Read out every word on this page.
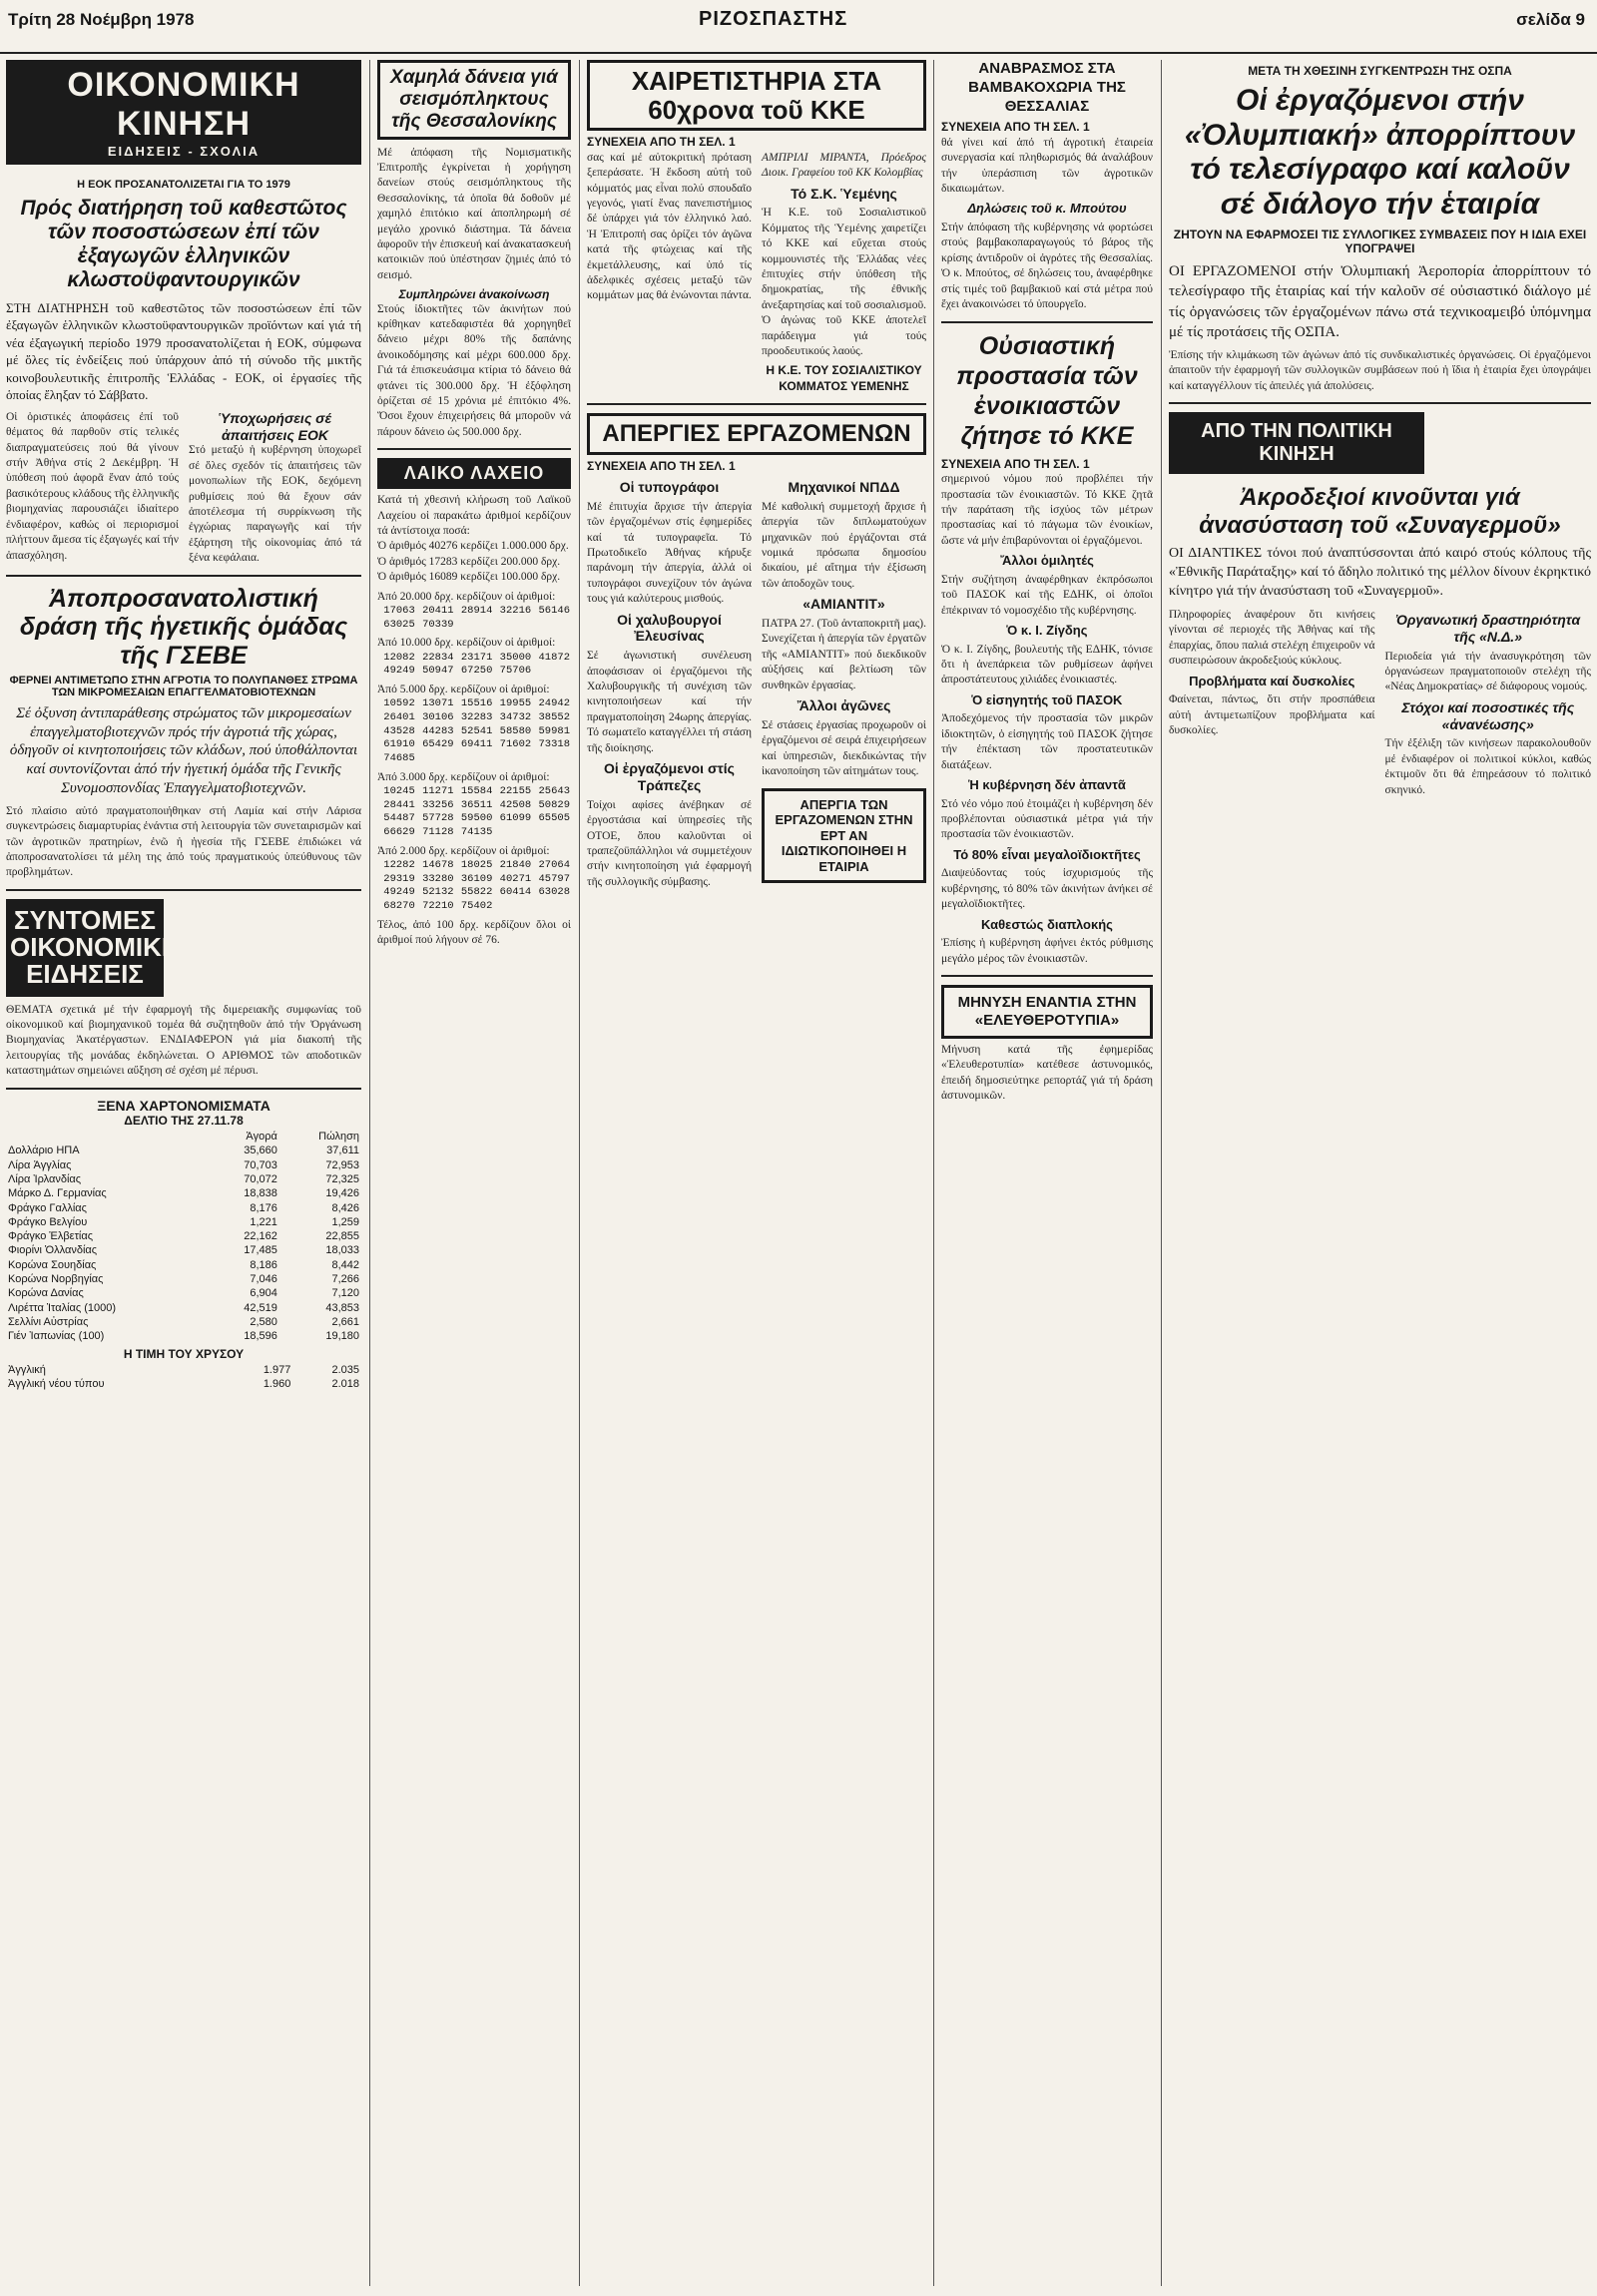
Τρίτη 28 Νοέμβρη 1978	ΡΙΖΟΣΠΑΣΤΗΣ	σελίδα 9
ΟΙΚΟΝΟΜΙΚΗ ΚΙΝΗΣΗ
ΕΙΔΗΣΕΙΣ - ΣΧΟΛΙΑ
Η ΕΟΚ ΠΡΟΣΑΝΑΤΟΛΙΖΕΤΑΙ ΓΙΑ ΤΟ 1979
Πρός διατήρηση τοῦ καθεστῶτος τῶν ποσοστώσεων ἐπί τῶν ἐξαγωγῶν ἑλληνικῶν κλωστοϋφαντουργικῶν
ΣΤΗ ΔΙΑΤΗΡΗΣΗ τοῦ καθεστῶτος τῶν ποσοστώσεων ἐπί τῶν ἐξαγωγῶν ἑλληνικῶν κλωστοϋφαντουργικῶν προϊόντων καί γιά τή νέα ἐξαγωγική περίοδο 1979 προσανατολίζεται ἡ ΕΟΚ, σύμφωνα μέ ὅλες τίς ἐνδείξεις πού ὑπάρχουν ἀπό τή σύνοδο τῆς μικτῆς κοινοβουλευτικῆς ἐπιτροπῆς Ἑλλάδας - ΕΟΚ, οἱ ἐργασίες τῆς ὁποίας ἔληξαν τό Σάββατο.
Οἱ ὁριστικές ἀποφάσεις ἐπί τοῦ θέματος θά παρθοῦν στίς τελικές διαπραγματεύσεις πού θά γίνουν στήν Ἀθήνα στίς 2 Δεκέμβρη. Ἡ ὑπόθεση πού ἀφορᾶ ἕναν ἀπό τούς βασικότερους κλάδους τῆς ἑλληνικῆς βιομηχανίας παρουσιάζει ἰδιαίτερο ἐνδιαφέρον, καθώς οἱ περιορισμοί πλήττουν ἄμεσα τίς ἐξαγωγές καί τήν ἀπασχόληση.
Ὑποχωρήσεις σέ ἀπαιτήσεις ΕΟΚ
Στό μεταξύ ἡ κυβέρνηση ὑποχωρεῖ σέ ὅλες σχεδόν τίς ἀπαιτήσεις τῶν μονοπωλίων τῆς ΕΟΚ, δεχόμενη ρυθμίσεις πού θά ἔχουν σάν ἀποτέλεσμα τή συρρίκνωση τῆς ἐγχώριας παραγωγῆς καί τήν ἐξάρτηση τῆς οἰκονομίας ἀπό τά ξένα κεφάλαια.
Ἀποπροσανατολιστική δράση τῆς ἡγετικῆς ὁμάδας τῆς ΓΣΕΒΕ
ΦΕΡΝΕΙ ΑΝΤΙΜΕΤΩΠΟ ΣΤΗΝ ΑΓΡΟΤΙΑ ΤΟ ΠΟΛΥΠΑΝΘΕΣ ΣΤΡΩΜΑ ΤΩΝ ΜΙΚΡΟΜΕΣΑΙΩΝ ΕΠΑΓΓΕΛΜΑΤΟΒΙΟΤΕΧΝΩΝ
Σέ ὀξυνση ἀντιπαράθεσης στρώματος τῶν μικρομεσαίων ἐπαγγελματοβιοτεχνῶν πρός τήν ἀγροτιά τῆς χώρας, ὁδηγοῦν οἱ κινητοποιήσεις τῶν κλάδων, πού ὑποθάλπονται καί συντονίζονται ἀπό τήν ἡγετική ὁμάδα τῆς Γενικῆς Συνομοσπονδίας Ἐπαγγελματοβιοτεχνῶν.
Στό πλαίσιο αὐτό πραγματοποιήθηκαν στή Λαμία καί στήν Λάρισα συγκεντρώσεις διαμαρτυρίας ἐνάντια στή λειτουργία τῶν συνεταιρισμῶν καί τῶν ἀγροτικῶν πρατηρίων, ἐνῶ ἡ ἡγεσία τῆς ΓΣΕΒΕ ἐπιδιώκει νά ἀποπροσανατολίσει τά μέλη της ἀπό τούς πραγματικούς ὑπεύθυνους τῶν προβλημάτων.
ΣΥΝΤΟΜΕΣ ΟΙΚΟΝΟΜΙΚΕΣ ΕΙΔΗΣΕΙΣ
ΘΕΜΑΤΑ σχετικά μέ τήν ἐφαρμογή τῆς διμερειακῆς συμφωνίας τοῦ οἰκονομικοῦ καί βιομηχανικοῦ τομέα θά συζητηθοῦν ἀπό τήν Ὀργάνωση Βιομηχανίας Ἀκατέργαστων. ΕΝΔΙΑΦΕΡΟΝ γιά μία διακοπή τῆς λειτουργίας τῆς μονάδας ἐκδηλώνεται. Ο ΑΡΙΘΜΟΣ τῶν αποδοτικῶν καταστημάτων σημειώνει αὔξηση σέ σχέση μέ πέρυσι.
ΞΕΝΑ ΧΑΡΤΟΝΟΜΙΣΜΑΤΑ
ΔΕΛΤΙΟ ΤΗΣ 27.11.78
	Ἀγορά	Πώληση
Δολλάριο ΗΠΑ	35,660	37,611
Λίρα Ἀγγλίας	70,703	72,953
Λίρα Ἰρλανδίας	70,072	72,325
Μάρκο Δ. Γερμανίας	18,838	19,426
Φράγκο Γαλλίας	8,176	8,426
Φράγκο Βελγίου	1,221	1,259
Φράγκο Ἑλβετίας	22,162	22,855
Φιορίνι Ὁλλανδίας	17,485	18,033
Κορώνα Σουηδίας	8,186	8,442
Κορώνα Νορβηγίας	7,046	7,266
Κορώνα Δανίας	6,904	7,120
Λιρέττα Ἰταλίας (1000)	42,519	43,853
Σελλίνι Αὐστρίας	2,580	2,661
Γιέν Ἰαπωνίας (100)	18,596	19,180
Η ΤΙΜΗ ΤΟΥ ΧΡΥΣΟΥ
Ἀγγλική	1.977	2.035
Ἀγγλική νέου τύπου	1.960	2.018
Χαμηλά δάνεια γιά σεισμόπληκτους τῆς Θεσσαλονίκης
Μέ ἀπόφαση τῆς Νομισματικῆς Ἐπιτροπῆς ἐγκρίνεται ἡ χορήγηση δανείων στούς σεισμόπληκτους τῆς Θεσσαλονίκης, τά ὁποῖα θά δοθοῦν μέ χαμηλό ἐπιτόκιο καί ἀποπληρωμή σέ μεγάλο χρονικό διάστημα. Τά δάνεια ἀφοροῦν τήν ἐπισκευή καί ἀνακατασκευή κατοικιῶν πού ὑπέστησαν ζημιές ἀπό τό σεισμό.
Συμπληρώνει ἀνακοίνωση
Στούς ἰδιοκτῆτες τῶν ἀκινήτων πού κρίθηκαν κατεδαφιστέα θά χορηγηθεῖ δάνειο μέχρι 80% τῆς δαπάνης ἀνοικοδόμησης καί μέχρι 600.000 δρχ. Γιά τά ἐπισκευάσιμα κτίρια τό δάνειο θά φτάνει τίς 300.000 δρχ. Ἡ ἐξόφληση ὁρίζεται σέ 15 χρόνια μέ ἐπιτόκιο 4%. Ὅσοι ἔχουν ἐπιχειρήσεις θά μποροῦν νά πάρουν δάνειο ὡς 500.000 δρχ.
ΛΑΙΚΟ ΛΑΧΕΙΟ
Κατά τή χθεσινή κλήρωση τοῦ Λαϊκοῦ Λαχείου οἱ παρακάτω ἀριθμοί κερδίζουν τά ἀντίστοιχα ποσά:
Ὁ ἀριθμός 40276 κερδίζει 1.000.000 δρχ.
Ὁ ἀριθμός 17283 κερδίζει 200.000 δρχ.
Ὁ ἀριθμός 16089 κερδίζει 100.000 δρχ.
Ἀπό 20.000 δρχ. κερδίζουν οἱ ἀριθμοί:
17063	20411	28914	32216	56146
63025	70339			
Ἀπό 10.000 δρχ. κερδίζουν οἱ ἀριθμοί:
12082	22834	23171	35000	41872
49249	50947	67250	75706	
Ἀπό 5.000 δρχ. κερδίζουν οἱ ἀριθμοί:
10592	13071	15516	19955	24942
26401	30106	32283	34732	38552
43528	44283	52541	58580	59981
61910	65429	69411	71602	73318
74685				
Ἀπό 3.000 δρχ. κερδίζουν οἱ ἀριθμοί:
10245	11271	15584	22155	25643
28441	33256	36511	42508	50829
54487	57728	59500	61099	65505
66629	71128	74135		
Ἀπό 2.000 δρχ. κερδίζουν οἱ ἀριθμοί:
12282	14678	18025	21840	27064
29319	33280	36109	40271	45797
49249	52132	55822	60414	63028
68270	72210	75402		
Τέλος, ἀπό 100 δρχ. κερδίζουν ὅλοι οἱ ἀριθμοί πού λήγουν σέ 76.
ΧΑΙΡΕΤΙΣΤΗΡΙΑ ΣΤΑ 60χρονα τοῦ ΚΚΕ
ΣΥΝΕΧΕΙΑ ΑΠΟ ΤΗ ΣΕΛ. 1
σας καί μέ αὐτοκριτική πρόταση ξεπεράσατε. Ἡ ἔκδοση αὐτή τοῦ κόμματός μας εἶναι πολύ σπουδαῖο γεγονός, γιατί ἕνας πανεπιστήμιος δέ ὑπάρχει γιά τόν ἑλληνικό λαό. Ἡ Ἐπιτροπή σας ὁρίζει τόν ἀγῶνα κατά τῆς φτώχειας καί τῆς ἐκμετάλλευσης, καί ὑπό τίς ἀδελφικές σχέσεις μεταξύ τῶν κομμάτων μας θά ἑνώνονται πάντα.
ΑΜΠΡΙΛΙ ΜΙΡΑΝΤΑ, Πρόεδρος Διοικ. Γραφείου τοῦ ΚΚ Κολομβίας
Τό Σ.Κ. Ὑεμένης
Ἡ Κ.Ε. τοῦ Σοσιαλιστικοῦ Κόμματος τῆς Ὑεμένης χαιρετίζει τό ΚΚΕ καί εὔχεται στούς κομμουνιστές τῆς Ἑλλάδας νέες ἐπιτυχίες στήν ὑπόθεση τῆς δημοκρατίας, τῆς ἐθνικῆς ἀνεξαρτησίας καί τοῦ σοσιαλισμοῦ. Ὁ ἀγώνας τοῦ ΚΚΕ ἀποτελεῖ παράδειγμα γιά τούς προοδευτικούς λαούς.
Η Κ.Ε. ΤΟΥ ΣΟΣΙΑΛΙΣΤΙΚΟΥ ΚΟΜΜΑΤΟΣ ΥΕΜΕΝΗΣ
ΑΠΕΡΓΙΕΣ ΕΡΓΑΖΟΜΕΝΩΝ
ΣΥΝΕΧΕΙΑ ΑΠΟ ΤΗ ΣΕΛ. 1
Οἱ τυπογράφοι
Μέ ἐπιτυχία ἄρχισε τήν ἀπεργία τῶν ἐργαζομένων στίς ἐφημερίδες καί τά τυπογραφεῖα. Τό Πρωτοδικεῖο Ἀθήνας κήρυξε παράνομη τήν ἀπεργία, ἀλλά οἱ τυπογράφοι συνεχίζουν τόν ἀγώνα τους γιά καλύτερους μισθούς.
Οἱ χαλυβουργοί Ἐλευσίνας
Σέ ἀγωνιστική συνέλευση ἀποφάσισαν οἱ ἐργαζόμενοι τῆς Χαλυβουργικῆς τή συνέχιση τῶν κινητοποιήσεων καί τήν πραγματοποίηση 24ωρης ἀπεργίας. Τό σωματεῖο καταγγέλλει τή στάση τῆς διοίκησης.
Οἱ ἐργαζόμενοι στίς Τράπεζες
Τοίχοι αφίσες ἀνέβηκαν σέ ἐργοστάσια καί ὑπηρεσίες τῆς ΟΤΟΕ, ὅπου καλοῦνται οἱ τραπεζοϋπάλληλοι νά συμμετέχουν στήν κινητοποίηση γιά ἐφαρμογή τῆς συλλογικῆς σύμβασης.
Μηχανικοί ΝΠΔΔ
Μέ καθολική συμμετοχή ἄρχισε ἡ ἀπεργία τῶν διπλωματούχων μηχανικῶν πού ἐργάζονται στά νομικά πρόσωπα δημοσίου δικαίου, μέ αἴτημα τήν ἐξίσωση τῶν ἀποδοχῶν τους.
«ΑΜΙΑΝΤΙΤ»
ΠΑΤΡΑ 27. (Τοῦ ἀνταποκριτῆ μας). Συνεχίζεται ἡ ἀπεργία τῶν ἐργατῶν τῆς «ΑΜΙΑΝΤΙΤ» πού διεκδικοῦν αὐξήσεις καί βελτίωση τῶν συνθηκῶν ἐργασίας.
Ἄλλοι ἀγῶνες
Σέ στάσεις ἐργασίας προχωροῦν οἱ ἐργαζόμενοι σέ σειρά ἐπιχειρήσεων καί ὑπηρεσιῶν, διεκδικώντας τήν ἱκανοποίηση τῶν αἰτημάτων τους.
ΑΠΕΡΓΙΑ ΤΩΝ ΕΡΓΑΖΟΜΕΝΩΝ ΣΤΗΝ ΕΡΤ ΑΝ ΙΔΙΩΤΙΚΟΠΟΙΗΘΕΙ Η ΕΤΑΙΡΙΑ
ΑΝΑΒΡΑΣΜΟΣ ΣΤΑ ΒΑΜΒΑΚΟΧΩΡΙΑ ΤΗΣ ΘΕΣΣΑΛΙΑΣ
ΣΥΝΕΧΕΙΑ ΑΠΟ ΤΗ ΣΕΛ. 1
θά γίνει καί ἀπό τή ἀγροτική ἐταιρεία συνεργασία καί πληθωρισμός θά ἀναλάβουν τήν ὑπεράσπιση τῶν ἀγροτικῶν δικαιωμάτων.
Δηλώσεις τοῦ κ. Μπούτου
Στήν ἀπόφαση τῆς κυβέρνησης νά φορτώσει στούς βαμβακοπαραγωγούς τό βάρος τῆς κρίσης ἀντιδροῦν οἱ ἀγρότες τῆς Θεσσαλίας. Ὁ κ. Μπούτος, σέ δηλώσεις του, ἀναφέρθηκε στίς τιμές τοῦ βαμβακιοῦ καί στά μέτρα πού ἔχει ἀνακοινώσει τό ὑπουργεῖο.
Οὐσιαστική προστασία τῶν ἐνοικιαστῶν ζήτησε τό ΚΚΕ
ΣΥΝΕΧΕΙΑ ΑΠΟ ΤΗ ΣΕΛ. 1
σημερινού νόμου πού προβλέπει τήν προστασία τῶν ἐνοικιαστῶν. Τό ΚΚΕ ζητᾶ τήν παράταση τῆς ἰσχύος τῶν μέτρων προστασίας καί τό πάγωμα τῶν ἐνοικίων, ὥστε νά μήν ἐπιβαρύνονται οἱ ἐργαζόμενοι.
Ἄλλοι ὁμιλητές
Στήν συζήτηση ἀναφέρθηκαν ἐκπρόσωποι τοῦ ΠΑΣΟΚ καί τῆς ΕΔΗΚ, οἱ ὁποῖοι ἐπέκριναν τό νομοσχέδιο τῆς κυβέρνησης.
Ὁ κ. Ι. Ζίγδης
Ὁ κ. Ι. Ζίγδης, βουλευτής τῆς ΕΔΗΚ, τόνισε ὅτι ἡ ἀνεπάρκεια τῶν ρυθμίσεων ἀφήνει ἀπροστάτευτους χιλιάδες ἐνοικιαστές.
Ὁ εἰσηγητής τοῦ ΠΑΣΟΚ
Ἀποδεχόμενος τήν προστασία τῶν μικρῶν ἰδιοκτητῶν, ὁ εἰσηγητής τοῦ ΠΑΣΟΚ ζήτησε τήν ἐπέκταση τῶν προστατευτικῶν διατάξεων.
Ἡ κυβέρνηση δέν ἀπαντᾶ
Στό νέο νόμο πού ἑτοιμάζει ἡ κυβέρνηση δέν προβλέπονται οὐσιαστικά μέτρα γιά τήν προστασία τῶν ἐνοικιαστῶν.
Τό 80% εἶναι μεγαλοϊδιοκτῆτες
Διαψεύδοντας τούς ἰσχυρισμούς τῆς κυβέρνησης, τό 80% τῶν ἀκινήτων ἀνήκει σέ μεγαλοϊδιοκτῆτες.
Καθεστώς διαπλοκής
Ἐπίσης ἡ κυβέρνηση ἀφήνει ἐκτός ρύθμισης μεγάλο μέρος τῶν ἐνοικιαστῶν.
ΜΗΝΥΣΗ ΕΝΑΝΤΙΑ ΣΤΗΝ «ΕΛΕΥΘΕΡΟΤΥΠΙΑ»
Μήνυση κατά τῆς ἐφημερίδας «Ἐλευθεροτυπία» κατέθεσε ἀστυνομικός, ἐπειδή δημοσιεύτηκε ρεπορτάζ γιά τή δράση ἀστυνομικῶν.
ΜΕΤΑ ΤΗ ΧΘΕΣΙΝΗ ΣΥΓΚΕΝΤΡΩΣΗ ΤΗΣ ΟΣΠΑ
Οἱ ἐργαζόμενοι στήν «Ὀλυμπιακή» ἀπορρίπτουν τό τελεσίγραφο καί καλοῦν σέ διάλογο τήν ἑταιρία
ΖΗΤΟΥΝ ΝΑ ΕΦΑΡΜΟΣΕΙ ΤΙΣ ΣΥΛΛΟΓΙΚΕΣ ΣΥΜΒΑΣΕΙΣ ΠΟΥ Η ΙΔΙΑ ΕΧΕΙ ΥΠΟΓΡΑΨΕΙ
ΟΙ ΕΡΓΑΖΟΜΕΝΟΙ στήν Ὀλυμπιακή Ἀεροπορία ἀπορρίπτουν τό τελεσίγραφο τῆς ἑταιρίας καί τήν καλοῦν σέ οὐσιαστικό διάλογο μέ τίς ὀργανώσεις τῶν ἐργαζομένων πάνω στά τεχνικοαμειβό ὑπόμνημα μέ τίς προτάσεις τῆς ΟΣΠΑ.
Ἐπίσης τήν κλιμάκωση τῶν ἀγώνων ἀπό τίς συνδικαλιστικές ὀργανώσεις. Οἱ ἐργαζόμενοι ἀπαιτοῦν τήν ἐφαρμογή τῶν συλλογικῶν συμβάσεων πού ἡ ἴδια ἡ ἑταιρία ἔχει ὑπογράψει καί καταγγέλλουν τίς ἀπειλές γιά ἀπολύσεις.
ΑΠΟ ΤΗΝ ΠΟΛΙΤΙΚΗ ΚΙΝΗΣΗ
Ἀκροδεξιοί κινοῦνται γιά ἀνασύσταση τοῦ «Συναγερμοῦ»
ΟΙ ΔΙΑΝΤΙΚΕΣ τόνοι πού ἀναπτύσσονται ἀπό καιρό στούς κόλπους τῆς «Ἐθνικῆς Παράταξης» καί τό ἄδηλο πολιτικό της μέλλον δίνουν ἐκρηκτικό κίνητρο γιά τήν ἀνασύσταση τοῦ «Συναγερμοῦ».
Πληροφορίες ἀναφέρουν ὅτι κινήσεις γίνονται σέ περιοχές τῆς Ἀθήνας καί τῆς ἐπαρχίας, ὅπου παλιά στελέχη ἐπιχειροῦν νά συσπειρώσουν ἀκροδεξιούς κύκλους.
Προβλήματα καί δυσκολίες
Φαίνεται, πάντως, ὅτι στήν προσπάθεια αὐτή ἀντιμετωπίζουν προβλήματα καί δυσκολίες.
Ὀργανωτική δραστηριότητα τῆς «Ν.Δ.»
Περιοδεία γιά τήν ἀνασυγκρότηση τῶν ὀργανώσεων πραγματοποιοῦν στελέχη τῆς «Νέας Δημοκρατίας» σέ διάφορους νομούς.
Στόχοι καί ποσοστικές τῆς «ἀνανέωσης»
Τήν ἐξέλιξη τῶν κινήσεων παρακολουθοῦν μέ ἐνδιαφέρον οἱ πολιτικοί κύκλοι, καθώς ἐκτιμοῦν ὅτι θά ἐπηρεάσουν τό πολιτικό σκηνικό.
